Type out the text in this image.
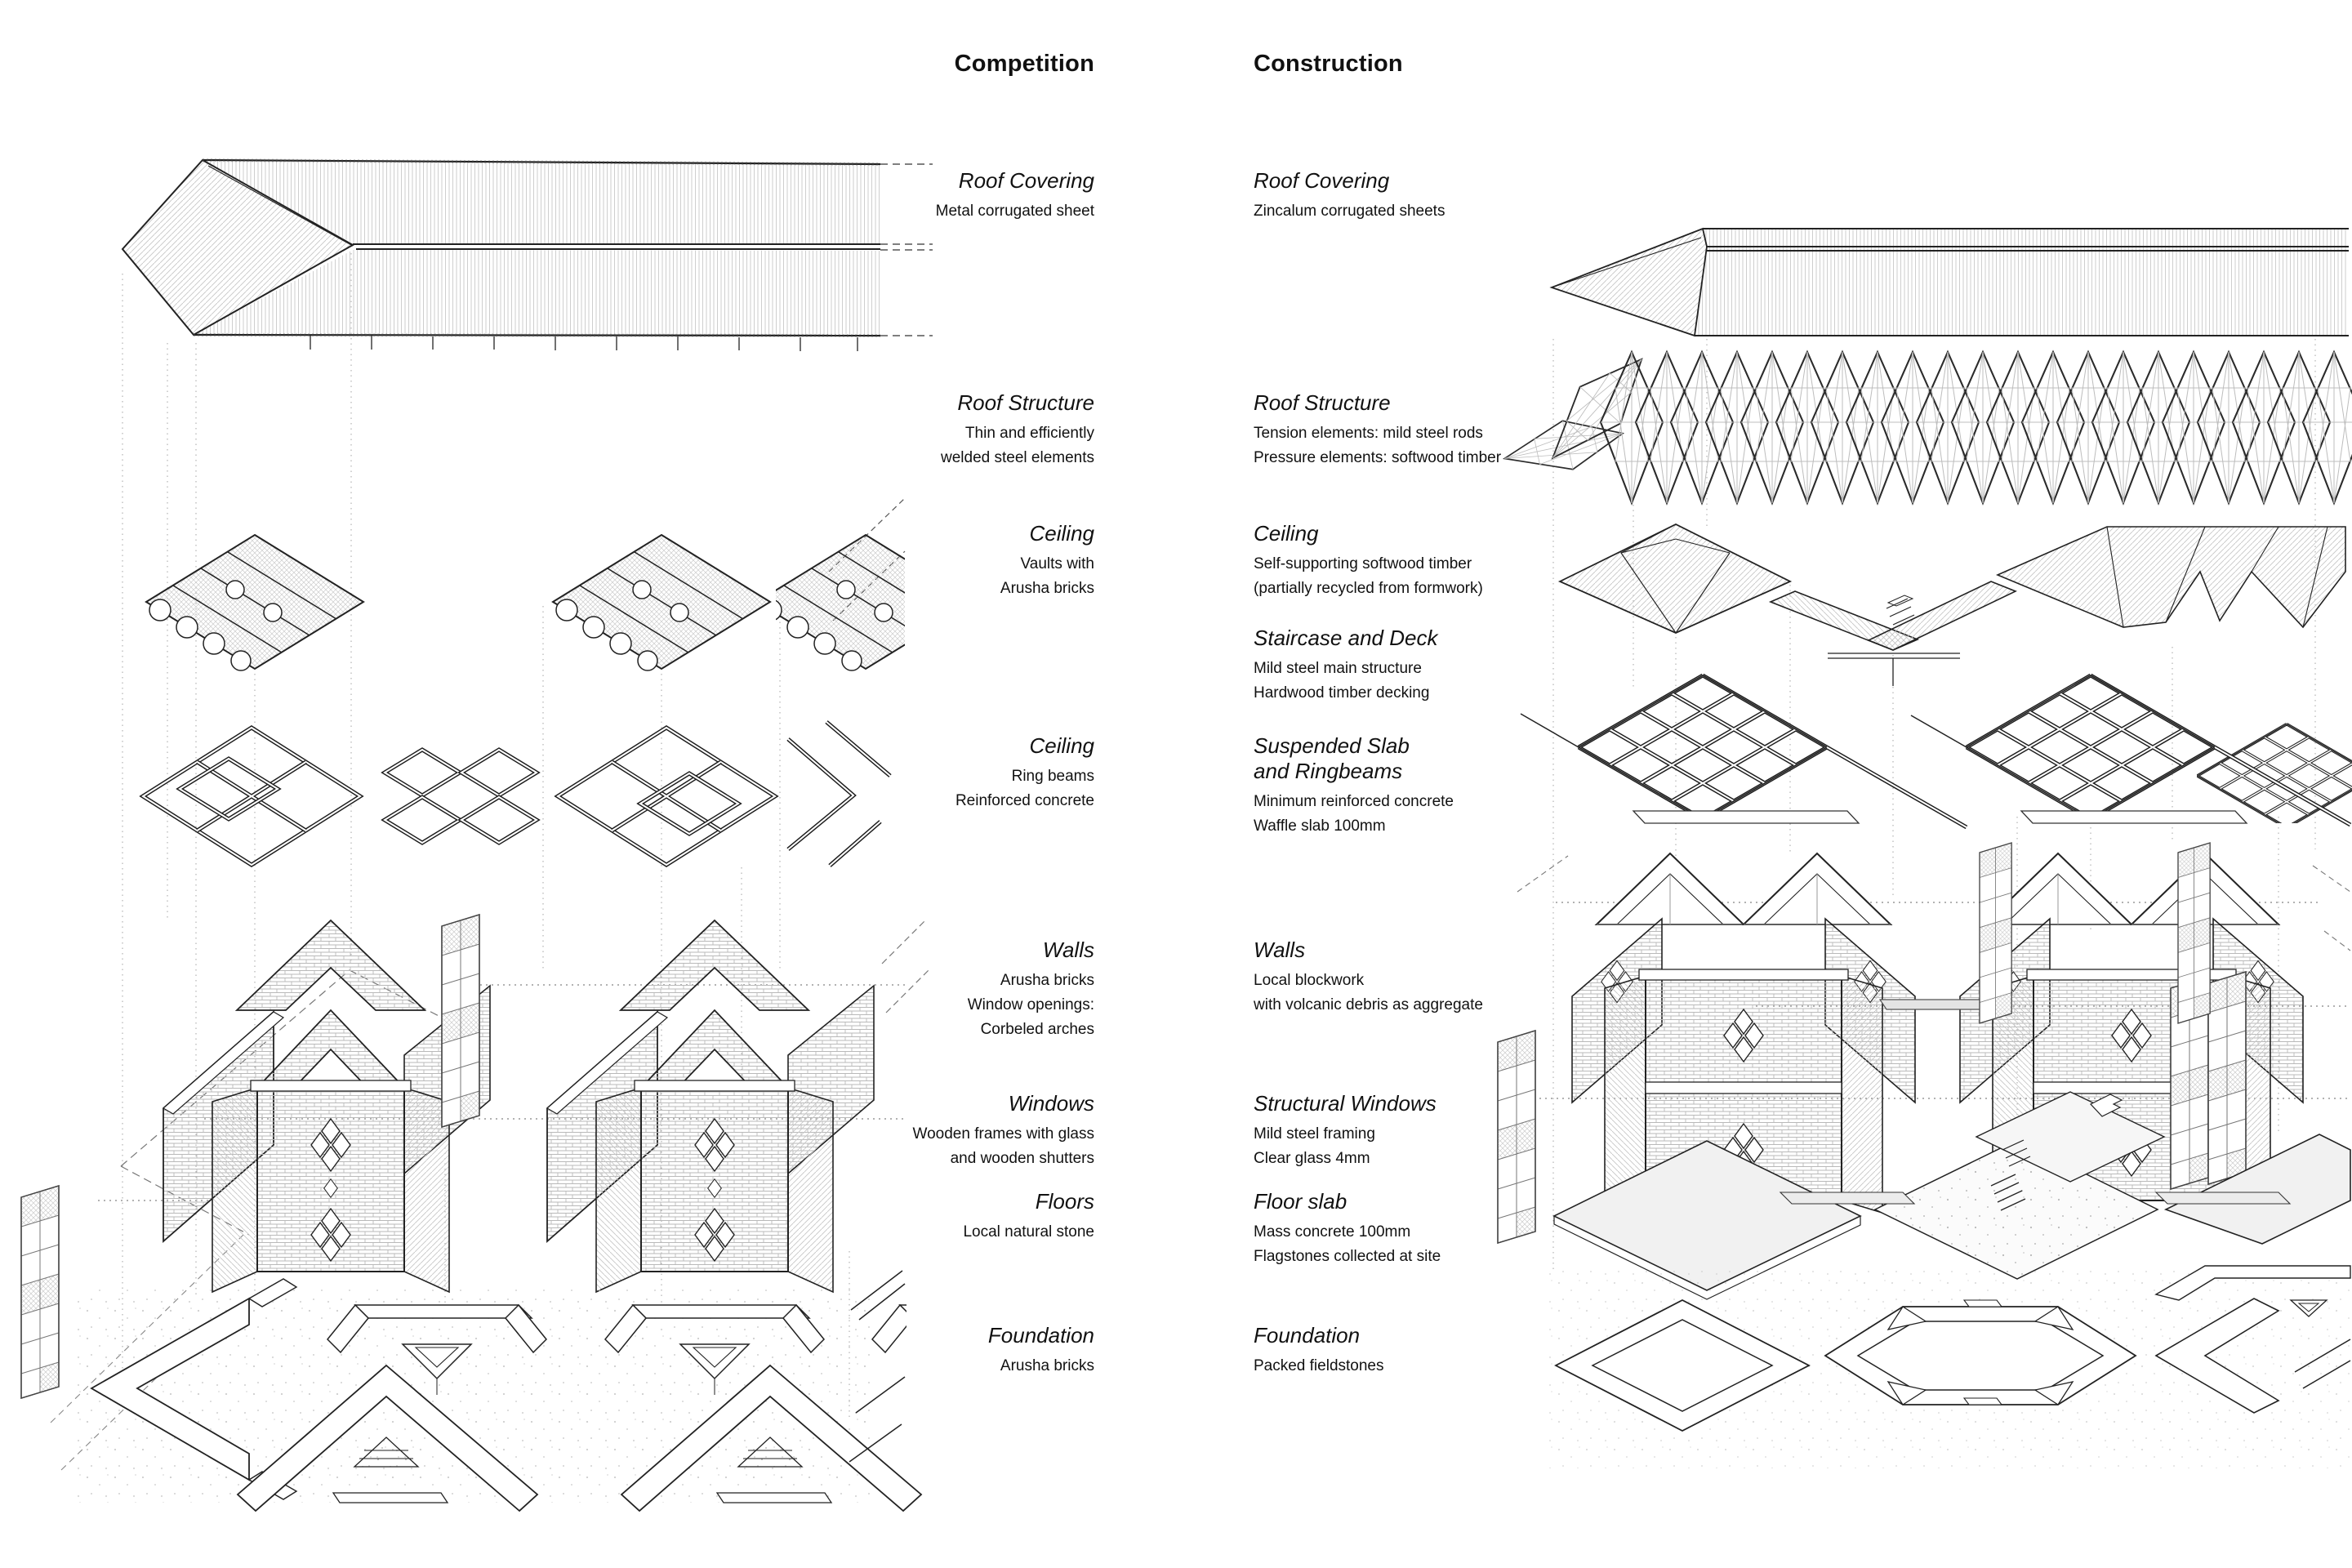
Competition	Construction
Roof Covering
Metal corrugated sheet
Roof Covering
Zincalum corrugated sheets
Roof Structure
Thin and efficiently
welded steel elements
Roof Structure
Tension elements: mild steel rods
Pressure elements: softwood timber
Ceiling
Vaults with
Arusha bricks
Ceiling
Self-supporting softwood timber
(partially recycled from formwork)
Staircase and Deck
Mild steel main structure
Hardwood timber decking
Ceiling
Ring beams
Reinforced concrete
Suspended Slab
and Ringbeams
Minimum reinforced concrete
Waffle slab 100mm
Walls
Arusha bricks
Window openings:
Corbeled arches
Walls
Local blockwork
with volcanic debris as aggregate
Windows
Wooden frames with glass
and wooden shutters
Structural Windows
Mild steel framing
Clear glass 4mm
Floors
Local natural stone
Floor slab
Mass concrete 100mm
Flagstones collected at site
Foundation
Arusha bricks
Foundation
Packed fieldstones
